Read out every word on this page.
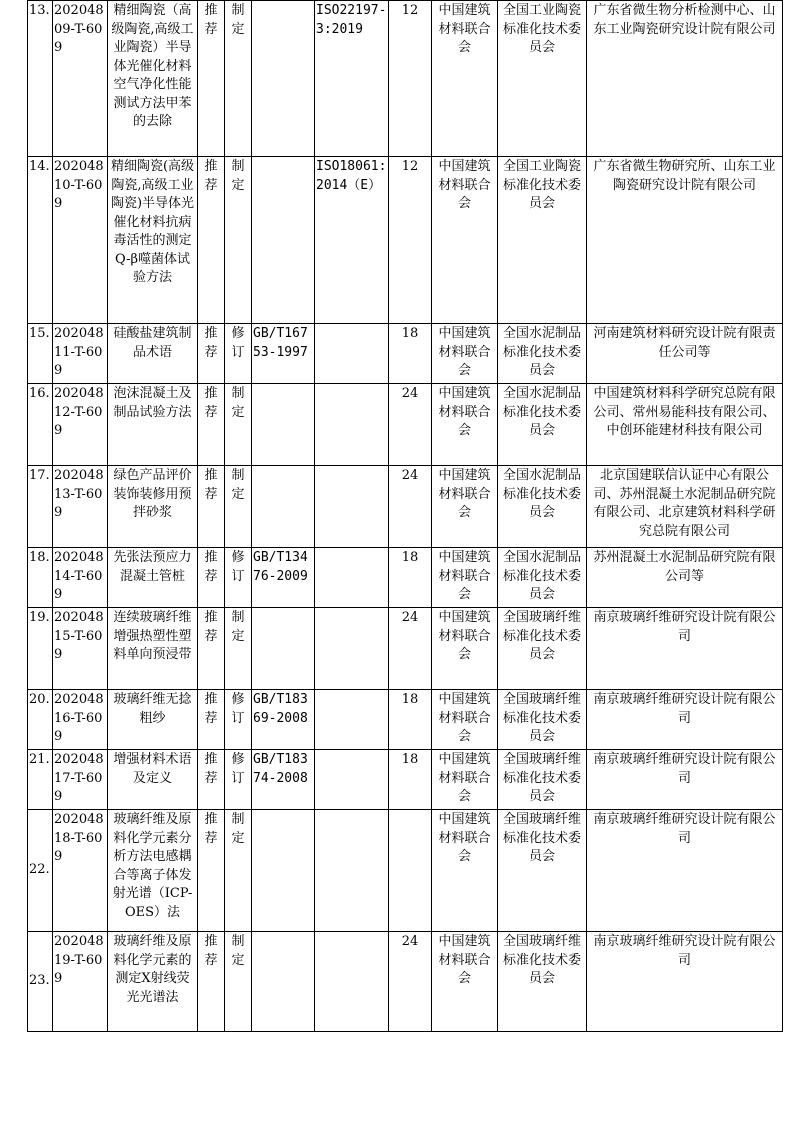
13.	20204809-T-609	精细陶瓷（高级陶瓷,高级工业陶瓷）半导体光催化材料空气净化性能测试方法甲苯的去除	推荐	制定		ISO22197-3:2019	12	中国建筑材料联合会	全国工业陶瓷标准化技术委员会	广东省微生物分析检测中心、山东工业陶瓷研究设计院有限公司
14.	20204810-T-609	精细陶瓷(高级陶瓷,高级工业陶瓷)半导体光催化材料抗病毒活性的测定Q-β噬菌体试验方法	推荐	制定		ISO18061:2014（E）	12	中国建筑材料联合会	全国工业陶瓷标准化技术委员会	广东省微生物研究所、山东工业陶瓷研究设计院有限公司
15.	20204811-T-609	硅酸盐建筑制品术语	推荐	修订	GB/T16753-1997		18	中国建筑材料联合会	全国水泥制品标准化技术委员会	河南建筑材料研究设计院有限责任公司等
16.	20204812-T-609	泡沫混凝土及制品试验方法	推荐	制定			24	中国建筑材料联合会	全国水泥制品标准化技术委员会	中国建筑材料科学研究总院有限公司、常州易能科技有限公司、中创环能建材科技有限公司
17.	20204813-T-609	绿色产品评价装饰装修用预拌砂浆	推荐	制定			24	中国建筑材料联合会	全国水泥制品标准化技术委员会	北京国建联信认证中心有限公司、苏州混凝土水泥制品研究院有限公司、北京建筑材料科学研究总院有限公司
18.	20204814-T-609	先张法预应力混凝土管桩	推荐	修订	GB/T13476-2009		18	中国建筑材料联合会	全国水泥制品标准化技术委员会	苏州混凝土水泥制品研究院有限公司等
19.	20204815-T-609	连续玻璃纤维增强热塑性塑料单向预浸带	推荐	制定			24	中国建筑材料联合会	全国玻璃纤维标准化技术委员会	南京玻璃纤维研究设计院有限公司
20.	20204816-T-609	玻璃纤维无捻粗纱	推荐	修订	GB/T18369-2008		18	中国建筑材料联合会	全国玻璃纤维标准化技术委员会	南京玻璃纤维研究设计院有限公司
21.	20204817-T-609	增强材料术语及定义	推荐	修订	GB/T18374-2008		18	中国建筑材料联合会	全国玻璃纤维标准化技术委员会	南京玻璃纤维研究设计院有限公司
22.	20204818-T-609	玻璃纤维及原料化学元素分析方法电感耦合等离子体发射光谱（ICP-OES）法	推荐	制定				中国建筑材料联合会	全国玻璃纤维标准化技术委员会	南京玻璃纤维研究设计院有限公司
23.	20204819-T-609	玻璃纤维及原料化学元素的测定X射线荧光光谱法	推荐	制定			24	中国建筑材料联合会	全国玻璃纤维标准化技术委员会	南京玻璃纤维研究设计院有限公司
